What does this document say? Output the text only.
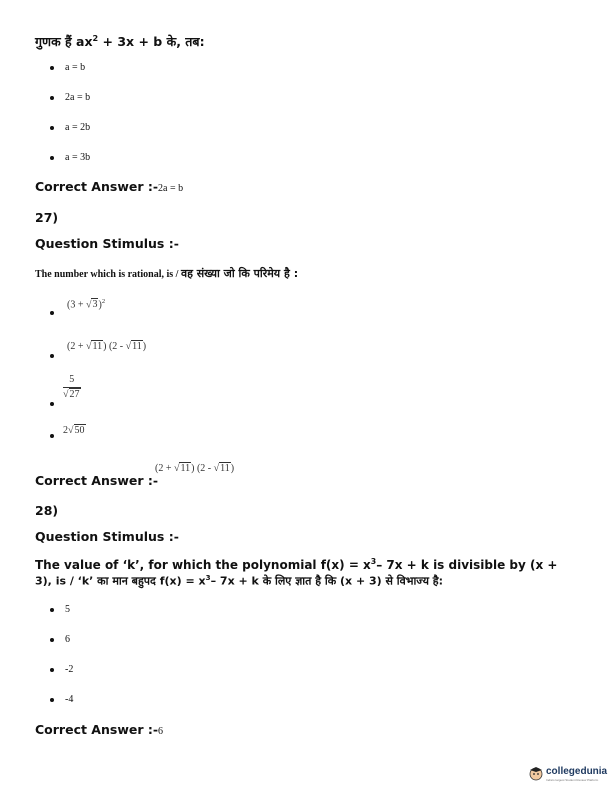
गुणक हैं $ax^2 + 3x + b$ के, तब:
a = b
2a = b
a = 2b
a = 3b
Correct Answer :-2a = b
27)
Question Stimulus :-
The number which is rational, is / वह संख्या जो कि परिमेय है :
$(3 + √3)^2$
(2 + √11) (2 - √11)
5
√27
2√50
Correct Answer :-
(2 + √11) (2 - √11)
28)
Question Stimulus :-
The value of ‘k’, for which the polynomial $f(x) = x^3-$ 7x + k is divisible by (x +
3), is / ‘k’ का मान बहुपद $f(x) = x^3-$ 7x + k के लिए ज्ञात है कि (x + 3) से विभाज्य है:
5
6
-2
-4
Correct Answer :-6
collegedunia
India's largest Student Review Platform
